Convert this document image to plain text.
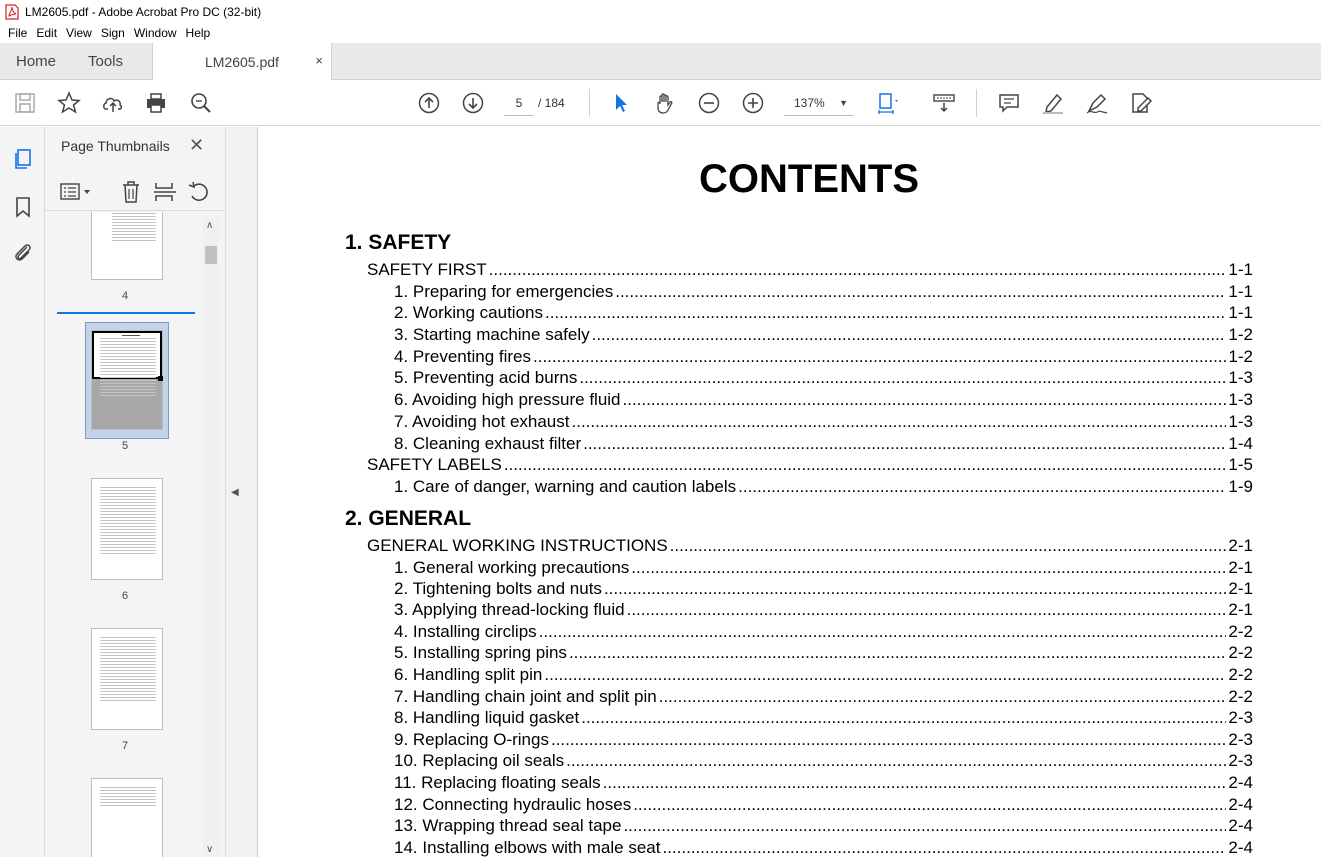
LM2605.pdf - Adobe Acrobat Pro DC (32-bit)
File Edit View Sign Window Help
Home Tools	LM2605.pdf	×
5	/ 184	137% ▼
Page Thumbnails ✕
4
5
6
7
∧
∨
◀
CONTENTS
1. SAFETY
SAFETY FIRST .....	1-1
1. Preparing for emergencies .....	1-1
2. Working cautions .....	1-1
3. Starting machine safely .....	1-2
4. Preventing fires .....	1-2
5. Preventing acid burns .....	1-3
6. Avoiding high pressure fluid .....	1-3
7. Avoiding hot exhaust .....	1-3
8. Cleaning exhaust filter .....	1-4
SAFETY LABELS .....	1-5
1. Care of danger, warning and caution labels .....	1-9
2. GENERAL
GENERAL WORKING INSTRUCTIONS .....	2-1
1. General working precautions .....	2-1
2. Tightening bolts and nuts .....	2-1
3. Applying thread-locking fluid .....	2-1
4. Installing circlips .....	2-2
5. Installing spring pins .....	2-2
6. Handling split pin .....	2-2
7. Handling chain joint and split pin .....	2-2
8. Handling liquid gasket .....	2-3
9. Replacing O-rings .....	2-3
10. Replacing oil seals .....	2-3
11. Replacing floating seals .....	2-4
12. Connecting hydraulic hoses .....	2-4
13. Wrapping thread seal tape .....	2-4
14. Installing elbows with male seat .....	2-4
